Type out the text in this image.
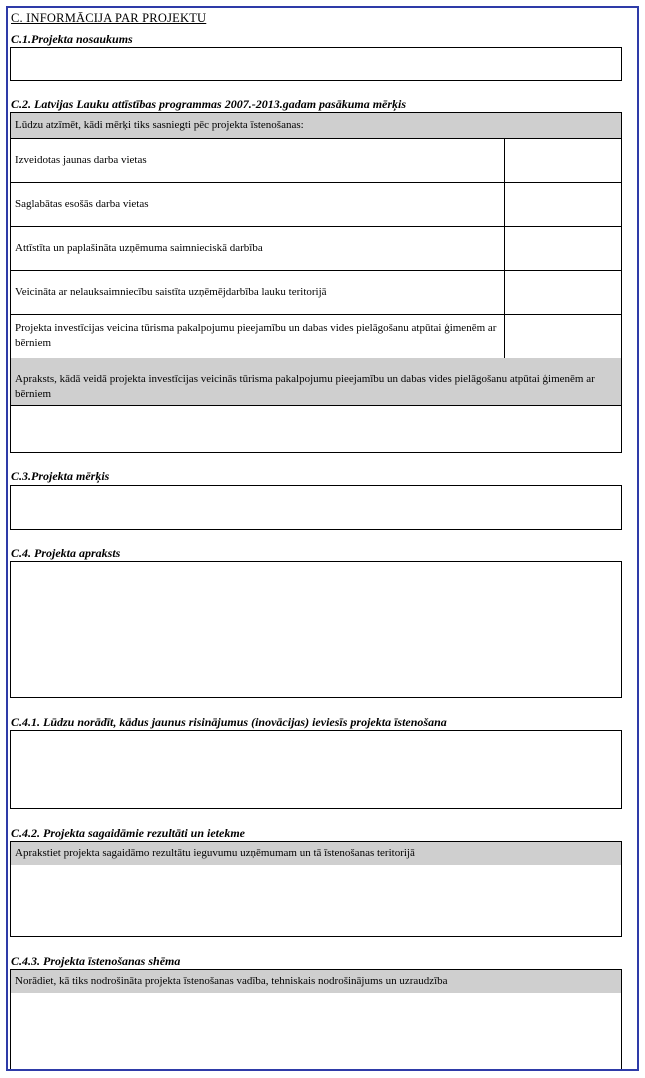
C. INFORMĀCIJA PAR PROJEKTU
C.1.Projekta nosaukums
C.2. Latvijas Lauku attīstības programmas 2007.-2013.gadam pasākuma mērķis
Lūdzu atzīmēt, kādi mērķi tiks sasniegti pēc projekta īstenošanas:
Izveidotas jaunas darba vietas
Saglabātas esošās darba vietas
Attīstīta un paplašināta uzņēmuma saimnieciskā darbība
Veicināta ar nelauksaimniecību saistīta uzņēmējdarbība lauku teritorijā
Projekta investīcijas veicina tūrisma pakalpojumu pieejamību un dabas vides pielāgošanu atpūtai ģimenēm ar bērniem
Apraksts, kādā veidā projekta investīcijas veicinās tūrisma pakalpojumu pieejamību un dabas vides pielāgošanu atpūtai ģimenēm ar bērniem
C.3.Projekta mērķis
C.4. Projekta apraksts
C.4.1. Lūdzu norādīt, kādus jaunus risinājumus (inovācijas) ieviesīs projekta īstenošana
C.4.2. Projekta sagaidāmie rezultāti un ietekme
Aprakstiet projekta sagaidāmo rezultātu ieguvumu uzņēmumam un tā īstenošanas teritorijā
C.4.3. Projekta īstenošanas shēma
Norādiet, kā tiks nodrošināta projekta īstenošanas vadība, tehniskais nodrošinājums un uzraudzība
